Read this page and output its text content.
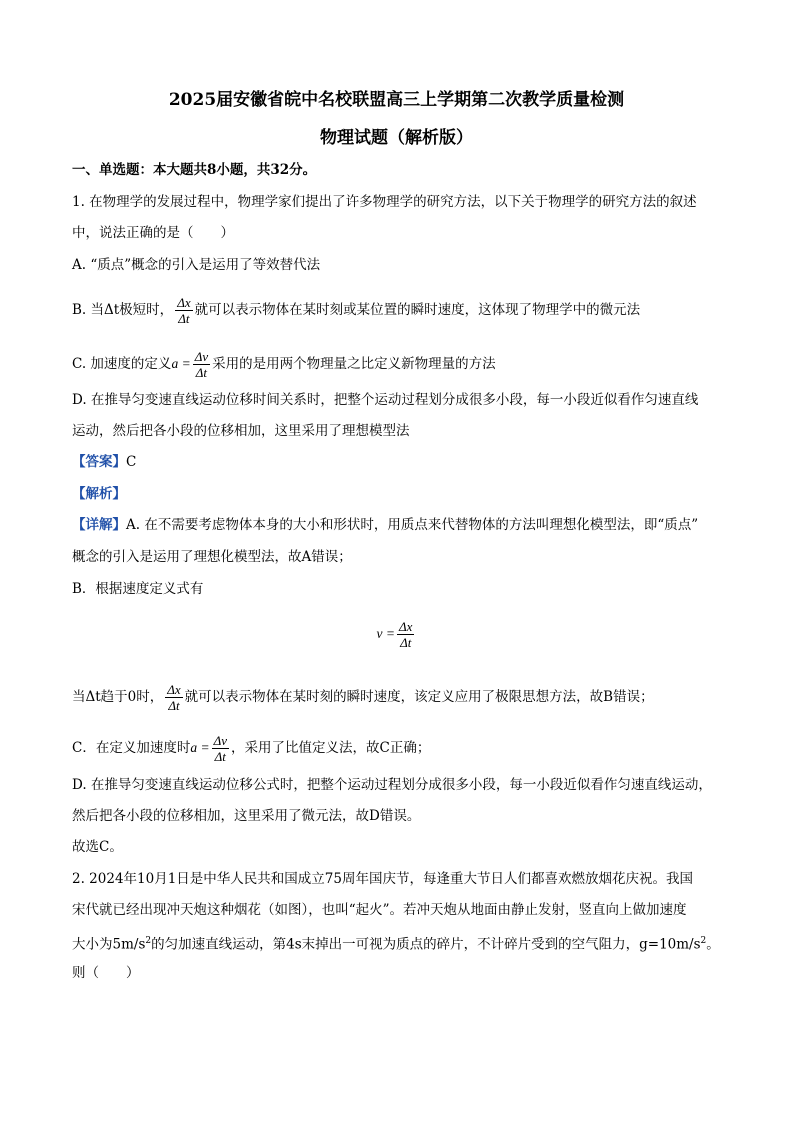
2025届安徽省皖中名校联盟高三上学期第二次教学质量检测
物理试题（解析版）
一、单选题：本大题共8小题，共32分。
1. 在物理学的发展过程中，物理学家们提出了许多物理学的研究方法，以下关于物理学的研究方法的叙述
中，说法正确的是（　　）
A. “质点”概念的引入是运用了等效替代法
B. 当Δt极短时， $\frac{\Delta x}{\Delta t}$ 就可以表示物体在某时刻或某位置的瞬时速度，这体现了物理学中的微元法
C. 加速度的定义$a = \frac{\Delta v}{\Delta t}$ 采用的是用两个物理量之比定义新物理量的方法
D. 在推导匀变速直线运动位移时间关系时，把整个运动过程划分成很多小段，每一小段近似看作匀速直线
运动，然后把各小段的位移相加，这里采用了理想模型法
【答案】C
【解析】
【详解】A. 在不需要考虑物体本身的大小和形状时，用质点来代替物体的方法叫理想化模型法，即“质点”
概念的引入是运用了理想化模型法，故A错误；
B．根据速度定义式有
$v = \frac{\Delta x}{\Delta t}$
当Δt趋于0时， $\frac{\Delta x}{\Delta t}$ 就可以表示物体在某时刻的瞬时速度，该定义应用了极限思想方法，故B错误；
C．在定义加速度时$a = \frac{\Delta v}{\Delta t}$ ，采用了比值定义法，故C正确；
D. 在推导匀变速直线运动位移公式时，把整个运动过程划分成很多小段，每一小段近似看作匀速直线运动，
然后把各小段的位移相加，这里采用了微元法，故D错误。
故选C。
2. 2024年10月1日是中华人民共和国成立75周年国庆节，每逢重大节日人们都喜欢燃放烟花庆祝。我国
宋代就已经出现冲天炮这种烟花（如图），也叫“起火”。若冲天炮从地面由静止发射，竖直向上做加速度
大小为$5m/s^2$的匀加速直线运动，第4s末掉出一可视为质点的碎片，不计碎片受到的空气阻力，$g=10m/s^2$。
则（　　）
